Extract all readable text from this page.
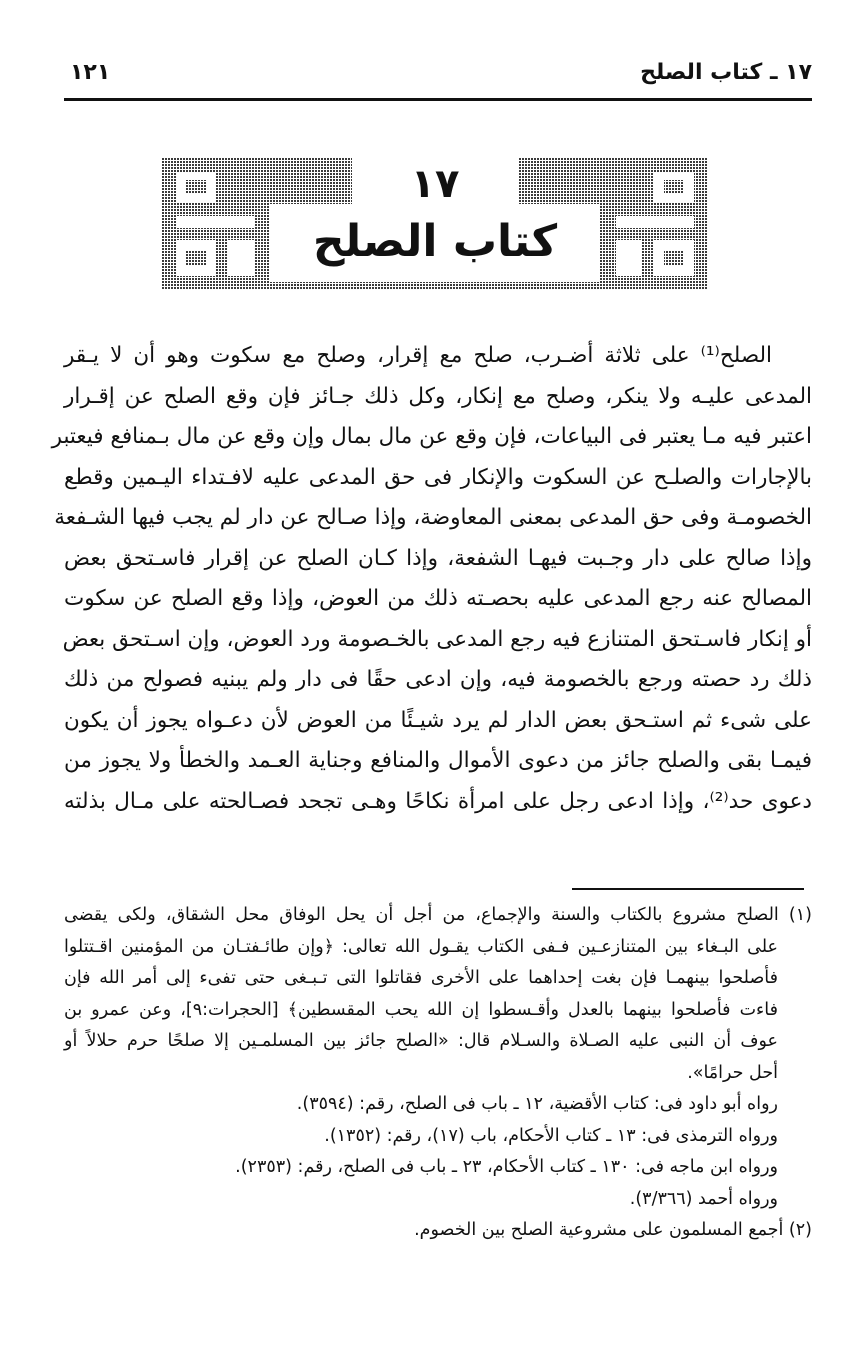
١٧ ـ كتاب الصلح
١٢١
١٧
كتاب الصلح
الصلح⁽¹⁾ على ثلاثة أضـرب، صلح مع إقرار، وصلح مع سكوت وهو أن لا يـقر
المدعى عليـه ولا ينكر، وصلح مع إنكار، وكل ذلك جـائز فإن وقع الصلح عن إقـرار
اعتبر فيه مـا يعتبر فى البياعات، فإن وقع عن مال بمال وإن وقع عن مال بـمنافع فيعتبر
بالإجارات والصلـح عن السكوت والإنكار فى حق المدعى عليه لافـتداء اليـمين وقطع
الخصومـة وفى حق المدعى بمعنى المعاوضة، وإذا صـالح عن دار لم يجب فيها الشـفعة
وإذا صالح على دار وجـبت فيهـا الشفعة، وإذا كـان الصلح عن إقرار فاسـتحق بعض
المصالح عنه رجع المدعى عليه بحصـته ذلك من العوض، وإذا وقع الصلح عن سكوت
أو إنكار فاسـتحق المتنازع فيه رجع المدعى بالخـصومة ورد العوض، وإن اسـتحق بعض
ذلك رد حصته ورجع بالخصومة فيه، وإن ادعى حقًا فى دار ولم يبنيه فصولح من ذلك
على شىء ثم استـحق بعض الدار لم يرد شيـئًا من العوض لأن دعـواه يجوز أن يكون
فيمـا بقى والصلح جائز من دعوى الأموال والمنافع وجناية العـمد والخطأ ولا يجوز من
دعوى حد⁽²⁾، وإذا ادعى رجل على امرأة نكاحًا وهـى تجحد فصـالحته على مـال بذلته
(١) الصلح مشروع بالكتاب والسنة والإجماع، من أجل أن يحل الوفاق محل الشقاق، ولكى يقضى
على البـغاء بين المتنازعـين فـفى الكتاب يقـول الله تعالى: ﴿وإن طائـفتـان من المؤمنين اقـتتلوا
فأصلحوا بينهمـا فإن بغت إحداهما على الأخرى فقاتلوا التى تـبـغى حتى تفىء إلى أمر الله فإن
فاءت فأصلحوا بينهما بالعدل وأقـسطوا إن الله يحب المقسطين﴾ [الحجرات:٩]، وعن عمرو بن
عوف أن النبى عليه الصـلاة والسـلام قال: «الصلح جائز بين المسلمـين إلا صلحًا حرم حلالاً أو
أحل حرامًا».
رواه أبو داود فى: كتاب الأقضية، ١٢ ـ باب فى الصلح، رقم: (٣٥٩٤).
ورواه الترمذى فى: ١٣ ـ كتاب الأحكام، باب (١٧)، رقم: (١٣٥٢).
ورواه ابن ماجه فى: ١٣٠ ـ كتاب الأحكام، ٢٣ ـ باب فى الصلح، رقم: (٢٣٥٣).
ورواه أحمد (٣/٣٦٦).
(٢) أجمع المسلمون على مشروعية الصلح بين الخصوم.
